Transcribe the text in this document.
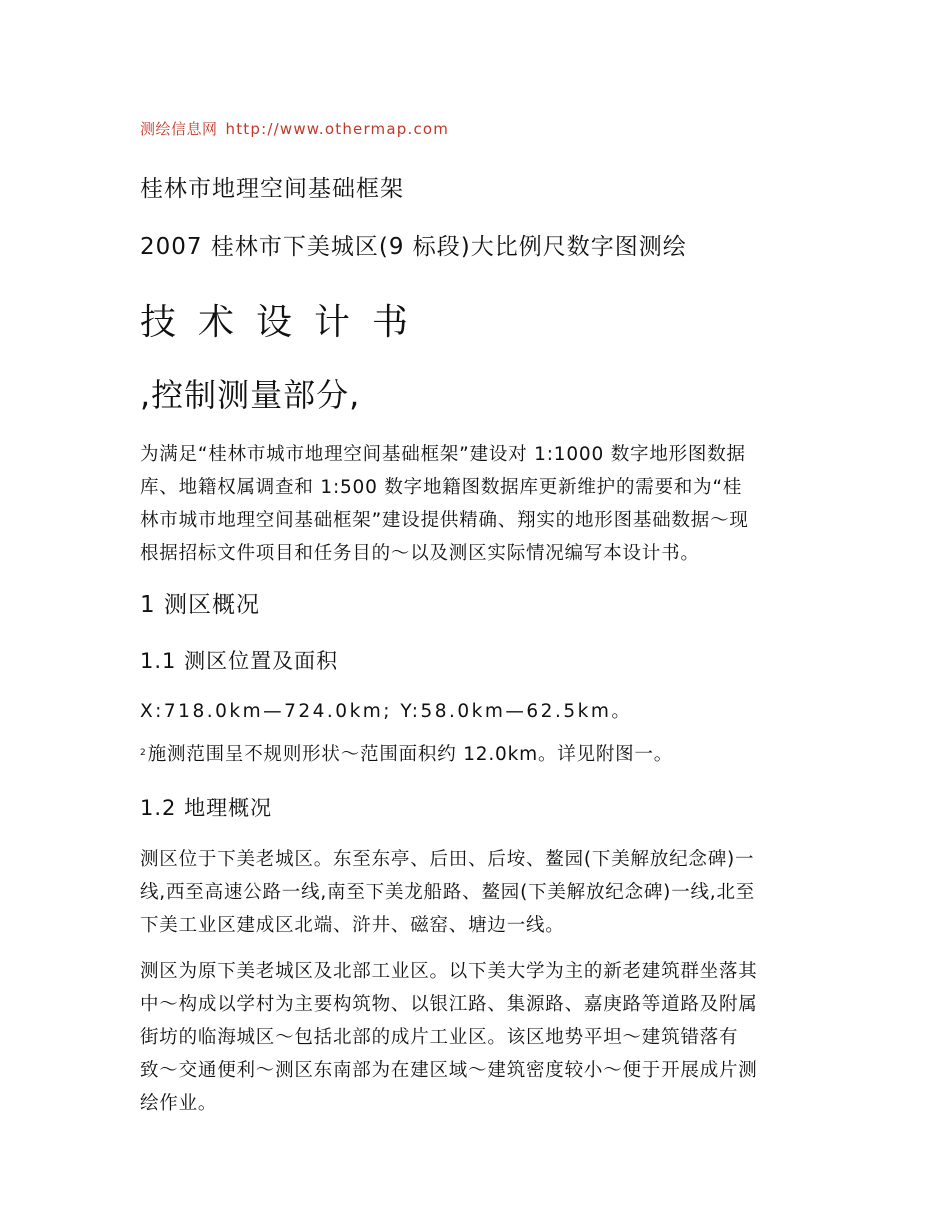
测绘信息网 http://www.othermap.com
桂林市地理空间基础框架
2007 桂林市下美城区(9 标段)大比例尺数字图测绘
技术设计书
,控制测量部分,
为满足“桂林市城市地理空间基础框架”建设对 1:1000 数字地形图数据
库、地籍权属调查和 1:500 数字地籍图数据库更新维护的需要和为“桂
林市城市地理空间基础框架”建设提供精确、翔实的地形图基础数据～现
根据招标文件项目和任务目的～以及测区实际情况编写本设计书。
1 测区概况
1.1 测区位置及面积
X:718.0km—724.0km; Y:58.0km—62.5km。
$^2$ 施测范围呈不规则形状～范围面积约 12.0km。详见附图一。
1.2 地理概况
测区位于下美老城区。东至东亭、后田、后垵、鳌园(下美解放纪念碑)一
线,西至高速公路一线,南至下美龙船路、鳌园(下美解放纪念碑)一线,北至
下美工业区建成区北端、浒井、磁窑、塘边一线。
测区为原下美老城区及北部工业区。以下美大学为主的新老建筑群坐落其
中～构成以学村为主要构筑物、以银江路、集源路、嘉庚路等道路及附属
街坊的临海城区～包括北部的成片工业区。该区地势平坦～建筑错落有
致～交通便利～测区东南部为在建区域～建筑密度较小～便于开展成片测
绘作业。
